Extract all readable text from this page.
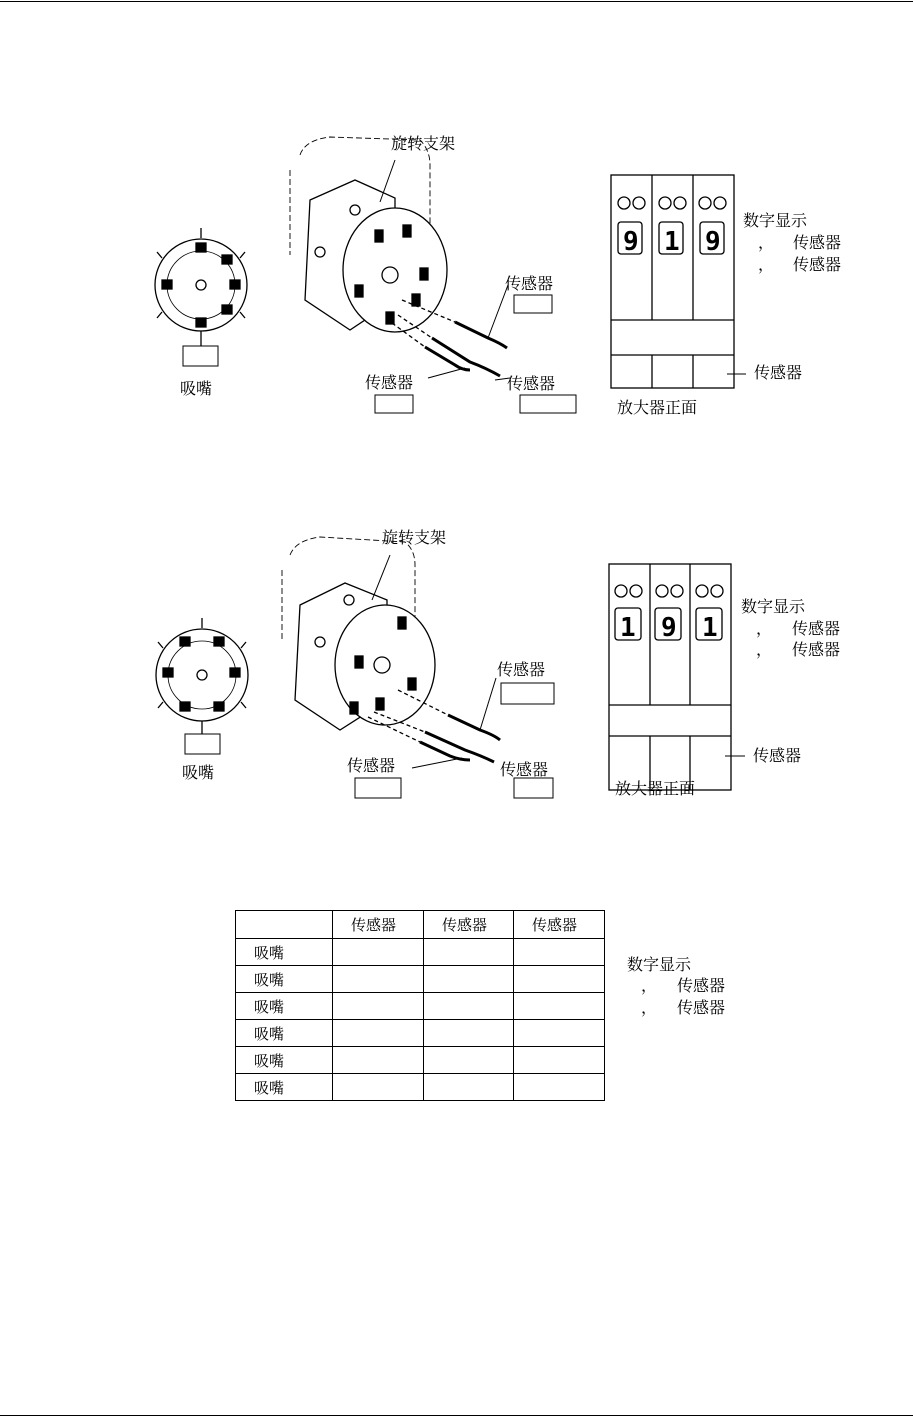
9 1 9
旋转支架
传感器
传感器	传感器
吸嘴
数字显示
， 传感器
， 传感器
传感器
放大器正面
1 9 1
旋转支架
传感器
传感器	传感器
吸嘴
数字显示
， 传感器
， 传感器
传感器
放大器正面
	传感器	传感器	传感器
吸嘴			
吸嘴			
吸嘴			
吸嘴			
吸嘴			
吸嘴			
数字显示
， 传感器
， 传感器
